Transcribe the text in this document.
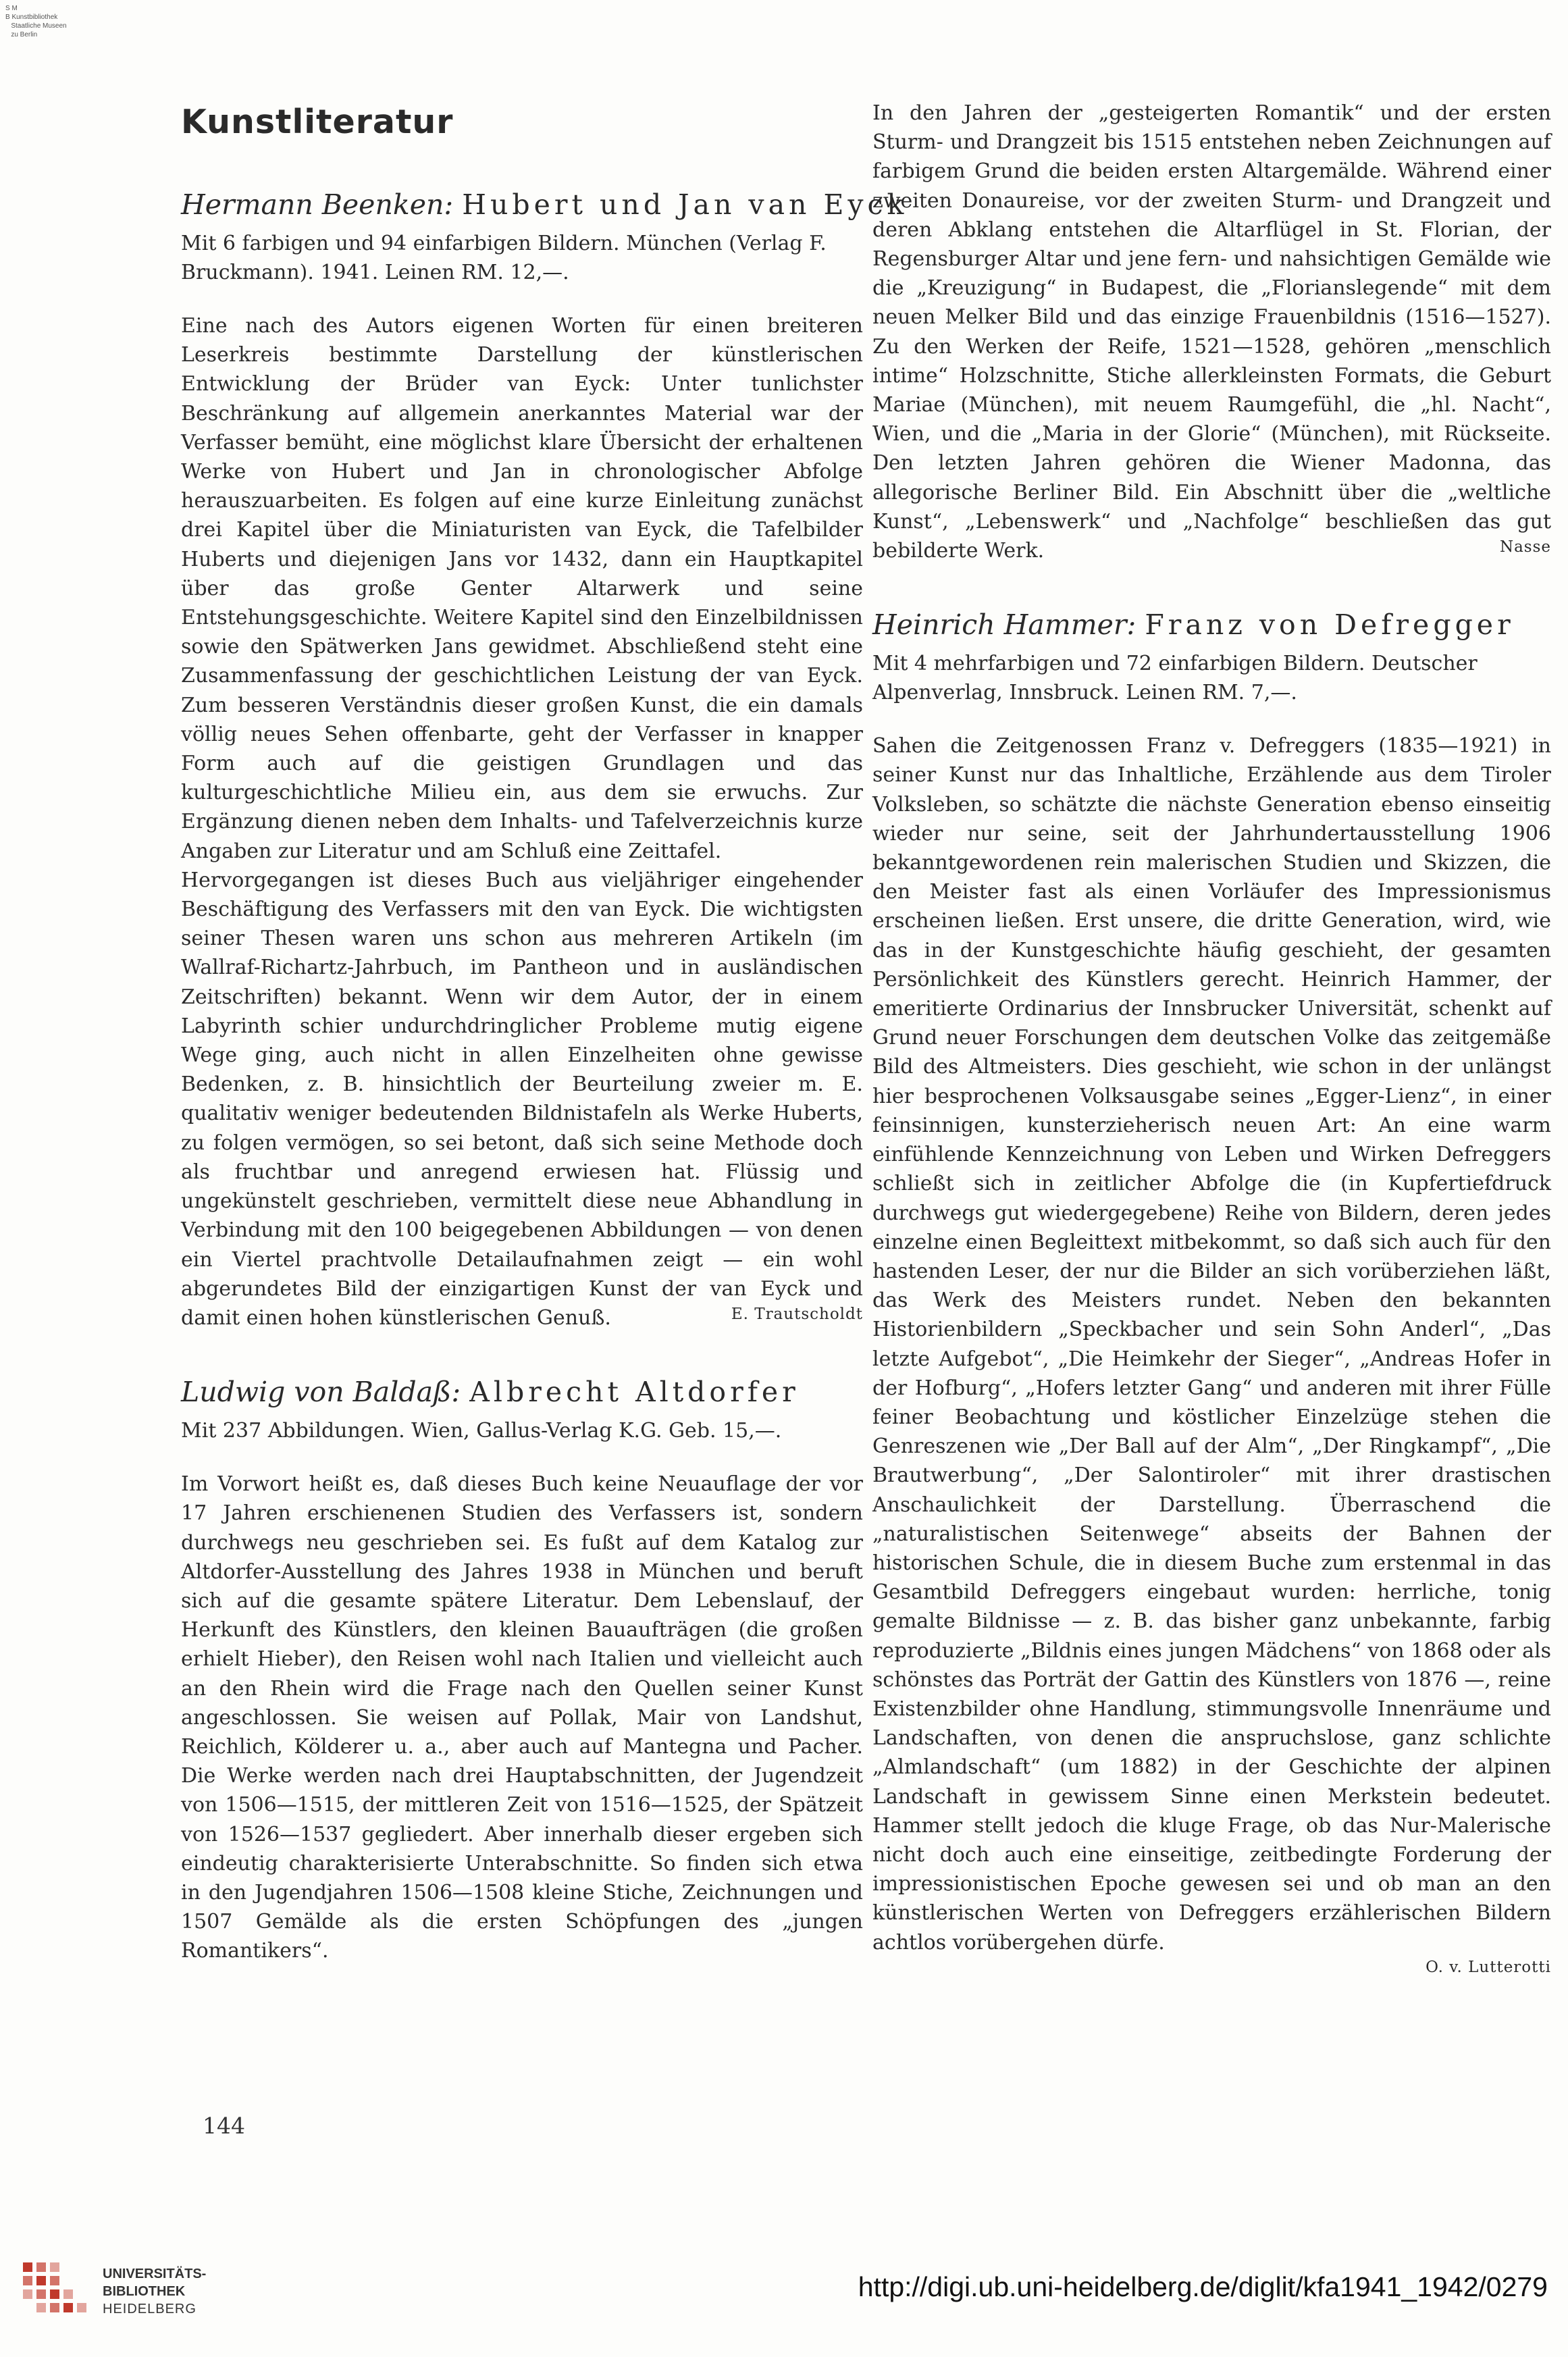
S M
B Kunstbibliothek
Staatliche Museen
zu Berlin
Kunstliteratur
Hermann Beenken: Hubert und Jan van Eyck
Mit 6 farbigen und 94 einfarbigen Bildern. München (Verlag F. Bruckmann). 1941. Leinen RM. 12,—.

Eine nach des Autors eigenen Worten für einen breiteren Leserkreis bestimmte Darstellung der künstlerischen Entwicklung der Brüder van Eyck: Unter tunlichster Beschränkung auf allgemein anerkanntes Material war der Verfasser bemüht, eine möglichst klare Übersicht der erhaltenen Werke von Hubert und Jan in chronologischer Abfolge herauszuarbeiten. Es folgen auf eine kurze Einleitung zunächst drei Kapitel über die Miniaturisten van Eyck, die Tafelbilder Huberts und diejenigen Jans vor 1432, dann ein Hauptkapitel über das große Genter Altarwerk und seine Entstehungsgeschichte. Weitere Kapitel sind den Einzelbildnissen sowie den Spätwerken Jans gewidmet. Abschließend steht eine Zusammenfassung der geschichtlichen Leistung der van Eyck. Zum besseren Verständnis dieser großen Kunst, die ein damals völlig neues Sehen offenbarte, geht der Verfasser in knapper Form auch auf die geistigen Grundlagen und das kulturgeschichtliche Milieu ein, aus dem sie erwuchs. Zur Ergänzung dienen neben dem Inhalts- und Tafelverzeichnis kurze Angaben zur Literatur und am Schluß eine Zeittafel.

Hervorgegangen ist dieses Buch aus vieljähriger eingehender Beschäftigung des Verfassers mit den van Eyck. Die wichtigsten seiner Thesen waren uns schon aus mehreren Artikeln (im Wallraf-Richartz-Jahrbuch, im Pantheon und in ausländischen Zeitschriften) bekannt. Wenn wir dem Autor, der in einem Labyrinth schier undurchdringlicher Probleme mutig eigene Wege ging, auch nicht in allen Einzelheiten ohne gewisse Bedenken, z. B. hinsichtlich der Beurteilung zweier m. E. qualitativ weniger bedeutenden Bildnistafeln als Werke Huberts, zu folgen vermögen, so sei betont, daß sich seine Methode doch als fruchtbar und anregend erwiesen hat. Flüssig und ungekünstelt geschrieben, vermittelt diese neue Abhandlung in Verbindung mit den 100 beigegebenen Abbildungen — von denen ein Viertel prachtvolle Detailaufnahmen zeigt — ein wohl abgerundetes Bild der einzigartigen Kunst der van Eyck und damit einen hohen künstlerischen Genuß.	E. Trautscholdt
Ludwig von Baldaß: Albrecht Altdorfer
Mit 237 Abbildungen. Wien, Gallus-Verlag K.G. Geb. 15,—.

Im Vorwort heißt es, daß dieses Buch keine Neuauflage der vor 17 Jahren erschienenen Studien des Verfassers ist, sondern durchwegs neu geschrieben sei. Es fußt auf dem Katalog zur Altdorfer-Ausstellung des Jahres 1938 in München und beruft sich auf die gesamte spätere Literatur. Dem Lebenslauf, der Herkunft des Künstlers, den kleinen Bauaufträgen (die großen erhielt Hieber), den Reisen wohl nach Italien und vielleicht auch an den Rhein wird die Frage nach den Quellen seiner Kunst angeschlossen. Sie weisen auf Pollak, Mair von Landshut, Reichlich, Kölderer u. a., aber auch auf Mantegna und Pacher. Die Werke werden nach drei Hauptabschnitten, der Jugendzeit von 1506—1515, der mittleren Zeit von 1516—1525, der Spätzeit von 1526—1537 gegliedert. Aber innerhalb dieser ergeben sich eindeutig charakterisierte Unterabschnitte. So finden sich etwa in den Jugendjahren 1506—1508 kleine Stiche, Zeichnungen und 1507 Gemälde als die ersten Schöpfungen des „jungen Romantikers“.

In den Jahren der „gesteigerten Romantik“ und der ersten Sturm- und Drangzeit bis 1515 entstehen neben Zeichnungen auf farbigem Grund die beiden ersten Altargemälde. Während einer zweiten Donaureise, vor der zweiten Sturm- und Drangzeit und deren Abklang entstehen die Altarflügel in St. Florian, der Regensburger Altar und jene fern- und nahsichtigen Gemälde wie die „Kreuzigung“ in Budapest, die „Florianslegende“ mit dem neuen Melker Bild und das einzige Frauenbildnis (1516—1527). Zu den Werken der Reife, 1521—1528, gehören „menschlich intime“ Holzschnitte, Stiche allerkleinsten Formats, die Geburt Mariae (München), mit neuem Raumgefühl, die „hl. Nacht“, Wien, und die „Maria in der Glorie“ (München), mit Rückseite. Den letzten Jahren gehören die Wiener Madonna, das allegorische Berliner Bild. Ein Abschnitt über die „weltliche Kunst“, „Lebenswerk“ und „Nachfolge“ beschließen das gut bebilderte Werk.	Nasse
Heinrich Hammer: Franz von Defregger
Mit 4 mehrfarbigen und 72 einfarbigen Bildern. Deutscher Alpenverlag, Innsbruck. Leinen RM. 7,—.

Sahen die Zeitgenossen Franz v. Defreggers (1835—1921) in seiner Kunst nur das Inhaltliche, Erzählende aus dem Tiroler Volksleben, so schätzte die nächste Generation ebenso einseitig wieder nur seine, seit der Jahrhundertausstellung 1906 bekanntgewordenen rein malerischen Studien und Skizzen, die den Meister fast als einen Vorläufer des Impressionismus erscheinen ließen. Erst unsere, die dritte Generation, wird, wie das in der Kunstgeschichte häufig geschieht, der gesamten Persönlichkeit des Künstlers gerecht. Heinrich Hammer, der emeritierte Ordinarius der Innsbrucker Universität, schenkt auf Grund neuer Forschungen dem deutschen Volke das zeitgemäße Bild des Altmeisters. Dies geschieht, wie schon in der unlängst hier besprochenen Volksausgabe seines „Egger-Lienz“, in einer feinsinnigen, kunsterzieherisch neuen Art: An eine warm einfühlende Kennzeichnung von Leben und Wirken Defreggers schließt sich in zeitlicher Abfolge die (in Kupfertiefdruck durchwegs gut wiedergegebene) Reihe von Bildern, deren jedes einzelne einen Begleittext mitbekommt, so daß sich auch für den hastenden Leser, der nur die Bilder an sich vorüberziehen läßt, das Werk des Meisters rundet. Neben den bekannten Historienbildern „Speckbacher und sein Sohn Anderl“, „Das letzte Aufgebot“, „Die Heimkehr der Sieger“, „Andreas Hofer in der Hofburg“, „Hofers letzter Gang“ und anderen mit ihrer Fülle feiner Beobachtung und köstlicher Einzelzüge stehen die Genreszenen wie „Der Ball auf der Alm“, „Der Ringkampf“, „Die Brautwerbung“, „Der Salontiroler“ mit ihrer drastischen Anschaulichkeit der Darstellung. Überraschend die „naturalistischen Seitenwege“ abseits der Bahnen der historischen Schule, die in diesem Buche zum erstenmal in das Gesamtbild Defreggers eingebaut wurden: herrliche, tonig gemalte Bildnisse — z. B. das bisher ganz unbekannte, farbig reproduzierte „Bildnis eines jungen Mädchens“ von 1868 oder als schönstes das Porträt der Gattin des Künstlers von 1876 —, reine Existenzbilder ohne Handlung, stimmungsvolle Innenräume und Landschaften, von denen die anspruchslose, ganz schlichte „Almlandschaft“ (um 1882) in der Geschichte der alpinen Landschaft in gewissem Sinne einen Merkstein bedeutet. Hammer stellt jedoch die kluge Frage, ob das Nur-Malerische nicht doch auch eine einseitige, zeitbedingte Forderung der impressionistischen Epoche gewesen sei und ob man an den künstlerischen Werten von Defreggers erzählerischen Bildern achtlos vorübergehen dürfe.

O. v. Lutterotti
144
UNIVERSITÄTS-
BIBLIOTHEK
HEIDELBERG
http://digi.ub.uni-heidelberg.de/diglit/kfa1941_1942/0279
